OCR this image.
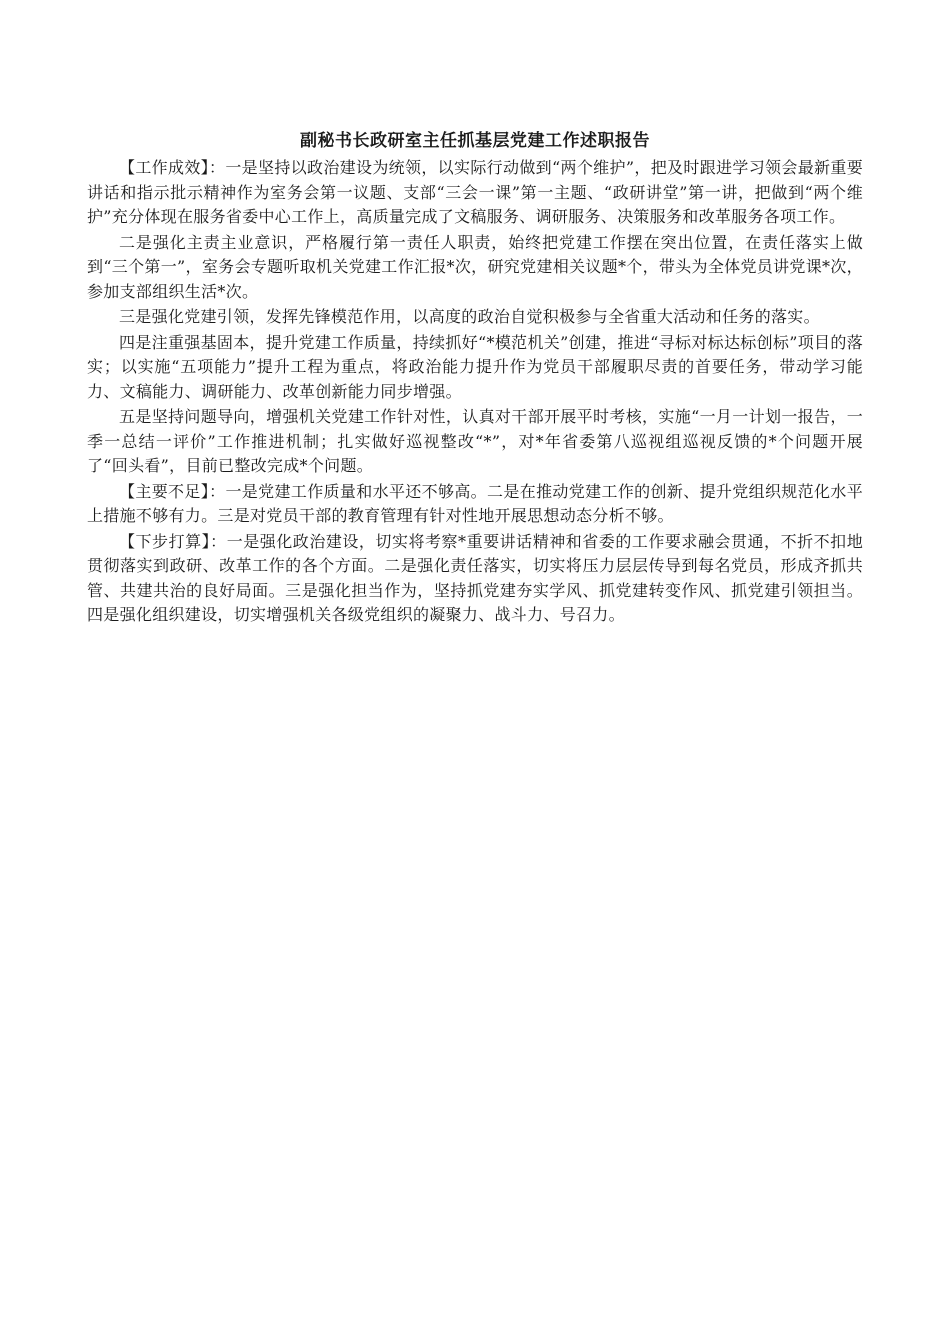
副秘书长政研室主任抓基层党建工作述职报告

【工作成效】：一是坚持以政治建设为统领，以实际行动做到“两个维护”，把及时跟进学习领会最新重要讲话和指示批示精神作为室务会第一议题、支部“三会一课”第一主题、“政研讲堂”第一讲，把做到“两个维护”充分体现在服务省委中心工作上，高质量完成了文稿服务、调研服务、决策服务和改革服务各项工作。

二是强化主责主业意识，严格履行第一责任人职责，始终把党建工作摆在突出位置，在责任落实上做到“三个第一”，室务会专题听取机关党建工作汇报*次，研究党建相关议题*个，带头为全体党员讲党课*次，参加支部组织生活*次。

三是强化党建引领，发挥先锋模范作用，以高度的政治自觉积极参与全省重大活动和任务的落实。

四是注重强基固本，提升党建工作质量，持续抓好“*模范机关”创建，推进“寻标对标达标创标”项目的落实；以实施“五项能力”提升工程为重点，将政治能力提升作为党员干部履职尽责的首要任务，带动学习能力、文稿能力、调研能力、改革创新能力同步增强。

五是坚持问题导向，增强机关党建工作针对性，认真对干部开展平时考核，实施“一月一计划一报告，一季一总结一评价”工作推进机制；扎实做好巡视整改“*”，对*年省委第八巡视组巡视反馈的*个问题开展了“回头看”，目前已整改完成*个问题。

【主要不足】：一是党建工作质量和水平还不够高。二是在推动党建工作的创新、提升党组织规范化水平上措施不够有力。三是对党员干部的教育管理有针对性地开展思想动态分析不够。

【下步打算】：一是强化政治建设，切实将考察*重要讲话精神和省委的工作要求融会贯通，不折不扣地贯彻落实到政研、改革工作的各个方面。二是强化责任落实，切实将压力层层传导到每名党员，形成齐抓共管、共建共治的良好局面。三是强化担当作为，坚持抓党建夯实学风、抓党建转变作风、抓党建引领担当。四是强化组织建设，切实增强机关各级党组织的凝聚力、战斗力、号召力。
